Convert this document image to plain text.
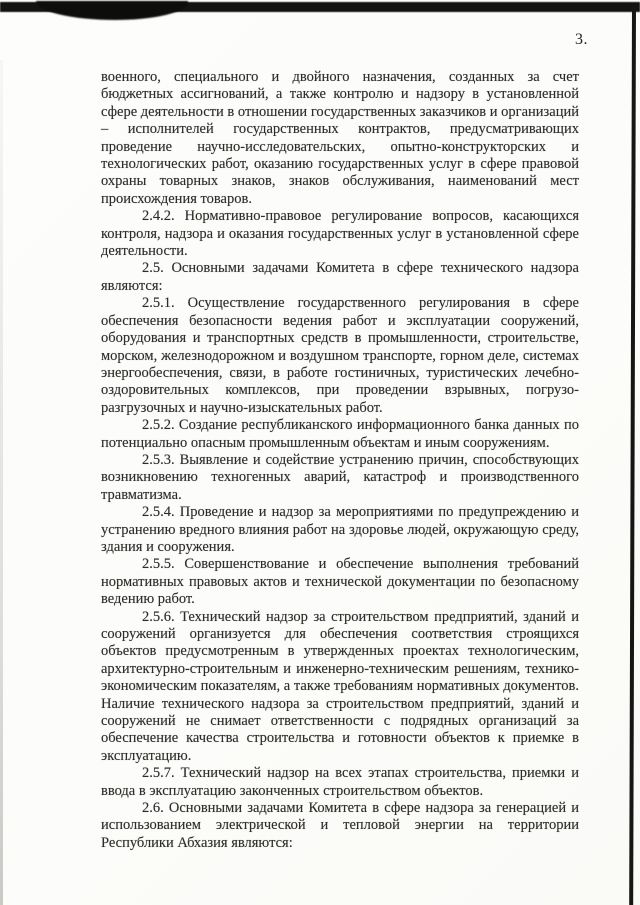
3.

военного, специального и двойного назначения, созданных за счет бюджетных ассигнований, а также контролю и надзору в установленной сфере деятельности в отношении государственных заказчиков и организаций – исполнителей государственных контрактов, предусматривающих проведение научно-исследовательских, опытно-конструкторских и технологических работ, оказанию государственных услуг в сфере правовой охраны товарных знаков, знаков обслуживания, наименований мест происхождения товаров.

2.4.2. Нормативно-правовое регулирование вопросов, касающихся контроля, надзора и оказания государственных услуг в установленной сфере деятельности.

2.5. Основными задачами Комитета в сфере технического надзора являются:

2.5.1. Осуществление государственного регулирования в сфере обеспечения безопасности ведения работ и эксплуатации сооружений, оборудования и транспортных средств в промышленности, строительстве, морском, железнодорожном и воздушном транспорте, горном деле, системах энергообеспечения, связи, в работе гостиничных, туристических лечебно-оздоровительных комплексов, при проведении взрывных, погрузо-разгрузочных и научно-изыскательных работ.

2.5.2. Создание республиканского информационного банка данных по потенциально опасным промышленным объектам и иным сооружениям.

2.5.3. Выявление и содействие устранению причин, способствующих возникновению техногенных аварий, катастроф и производственного травматизма.

2.5.4. Проведение и надзор за мероприятиями по предупреждению и устранению вредного влияния работ на здоровье людей, окружающую среду, здания и сооружения.

2.5.5. Совершенствование и обеспечение выполнения требований нормативных правовых актов и технической документации по безопасному ведению работ.

2.5.6. Технический надзор за строительством предприятий, зданий и сооружений организуется для обеспечения соответствия строящихся объектов предусмотренным в утвержденных проектах технологическим, архитектурно-строительным и инженерно-техническим решениям, технико-экономическим показателям, а также требованиям нормативных документов. Наличие технического надзора за строительством предприятий, зданий и сооружений не снимает ответственности с подрядных организаций за обеспечение качества строительства и готовности объектов к приемке в эксплуатацию.

2.5.7. Технический надзор на всех этапах строительства, приемки и ввода в эксплуатацию законченных строительством объектов.

2.6. Основными задачами Комитета в сфере надзора за генерацией и использованием электрической и тепловой энергии на территории Республики Абхазия являются:
